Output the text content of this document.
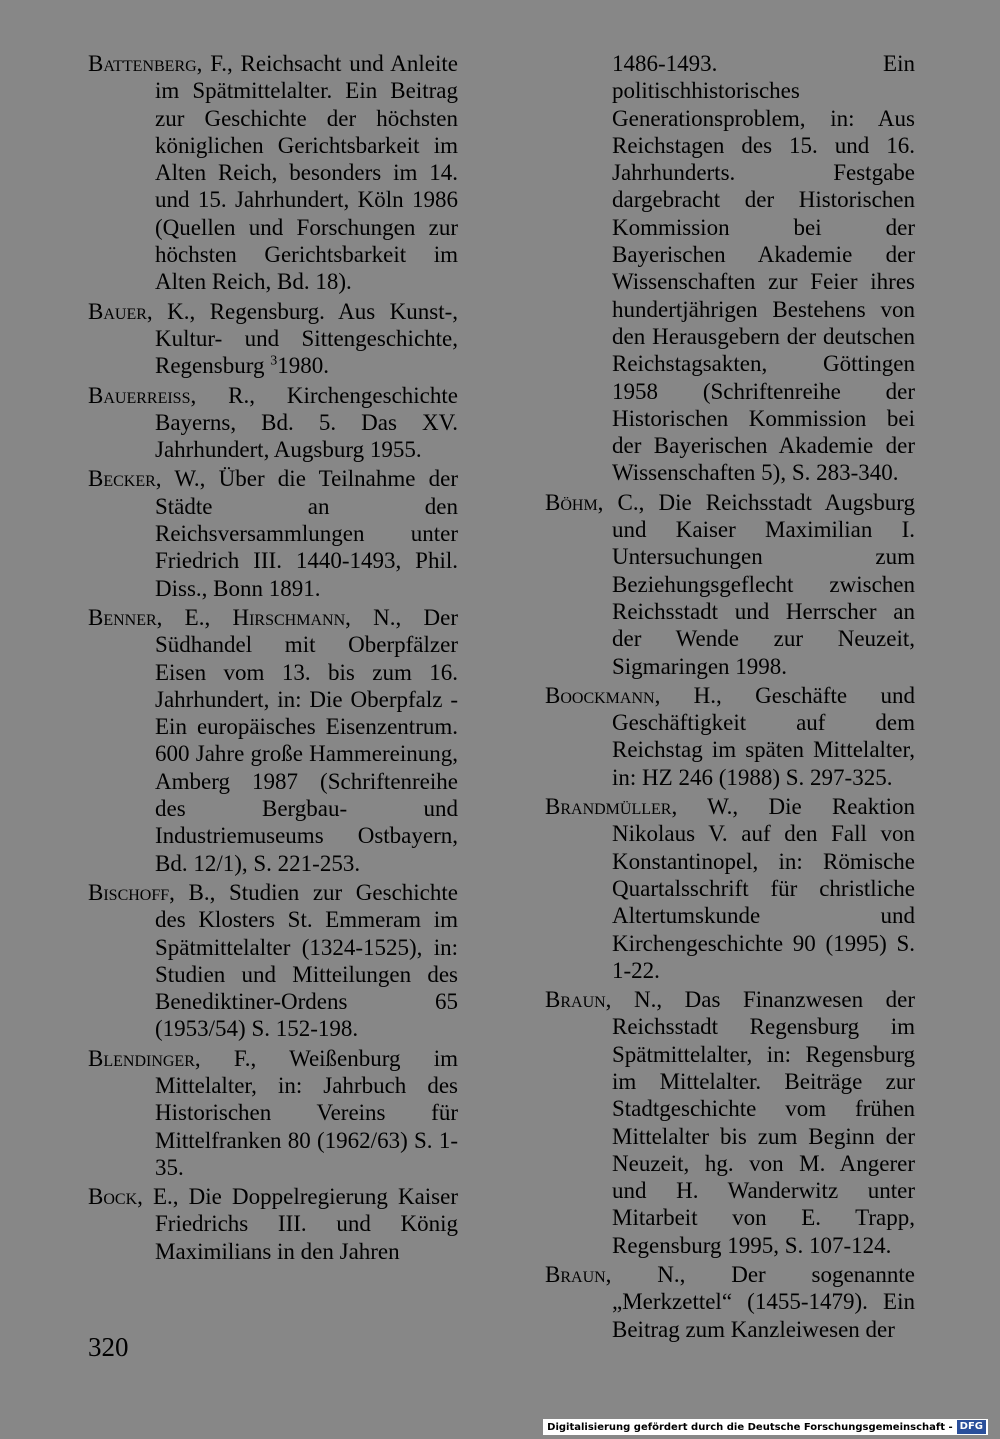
Battenberg, F., Reichsacht und Anleite im Spätmittelalter. Ein Beitrag zur Geschichte der höchsten königlichen Gerichtsbarkeit im Alten Reich, besonders im 14. und 15. Jahrhundert, Köln 1986 (Quellen und Forschungen zur höchsten Gerichtsbarkeit im Alten Reich, Bd. 18).

Bauer, K., Regensburg. Aus Kunst-, Kultur- und Sittengeschichte, Regensburg $^3$1980.

Bauerreiss, R., Kirchengeschichte Bayerns, Bd. 5. Das XV. Jahrhundert, Augsburg 1955.

Becker, W., Über die Teilnahme der Städte an den Reichsversammlungen unter Friedrich III. 1440-1493, Phil. Diss., Bonn 1891.

Benner, E., Hirschmann, N., Der Südhandel mit Oberpfälzer Eisen vom 13. bis zum 16. Jahrhundert, in: Die Oberpfalz - Ein europäisches Eisenzentrum. 600 Jahre große Hammereinung, Amberg 1987 (Schriftenreihe des Bergbau- und Industriemuseums Ostbayern, Bd. 12/1), S. 221-253.

Bischoff, B., Studien zur Geschichte des Klosters St. Emmeram im Spätmittelalter (1324-1525), in: Studien und Mitteilungen des Benediktiner-Ordens 65 (1953/54) S. 152-198.

Blendinger, F., Weißenburg im Mittelalter, in: Jahrbuch des Historischen Vereins für Mittelfranken 80 (1962/63) S. 1-35.

Bock, E., Die Doppelregierung Kaiser Friedrichs III. und König Maximilians in den Jahren

1486-1493. Ein politischhistorisches Generationsproblem, in: Aus Reichstagen des 15. und 16. Jahrhunderts. Festgabe dargebracht der Historischen Kommission bei der Bayerischen Akademie der Wissenschaften zur Feier ihres hundertjährigen Bestehens von den Herausgebern der deutschen Reichstagsakten, Göttingen 1958 (Schriftenreihe der Historischen Kommission bei der Bayerischen Akademie der Wissenschaften 5), S. 283-340.

Böhm, C., Die Reichsstadt Augsburg und Kaiser Maximilian I. Untersuchungen zum Beziehungsgeflecht zwischen Reichsstadt und Herrscher an der Wende zur Neuzeit, Sigmaringen 1998.

Boockmann, H., Geschäfte und Geschäftigkeit auf dem Reichstag im späten Mittelalter, in: HZ 246 (1988) S. 297-325.

Brandmüller, W., Die Reaktion Nikolaus V. auf den Fall von Konstantinopel, in: Römische Quartalsschrift für christliche Altertumskunde und Kirchengeschichte 90 (1995) S. 1-22.

Braun, N., Das Finanzwesen der Reichsstadt Regensburg im Spätmittelalter, in: Regensburg im Mittelalter. Beiträge zur Stadtgeschichte vom frühen Mittelalter bis zum Beginn der Neuzeit, hg. von M. Angerer und H. Wanderwitz unter Mitarbeit von E. Trapp, Regensburg 1995, S. 107-124.

Braun, N., Der sogenannte „Merkzettel“ (1455-1479). Ein Beitrag zum Kanzleiwesen der

320
Digitalisierung gefördert durch die Deutsche Forschungsgemeinschaft - DFG
